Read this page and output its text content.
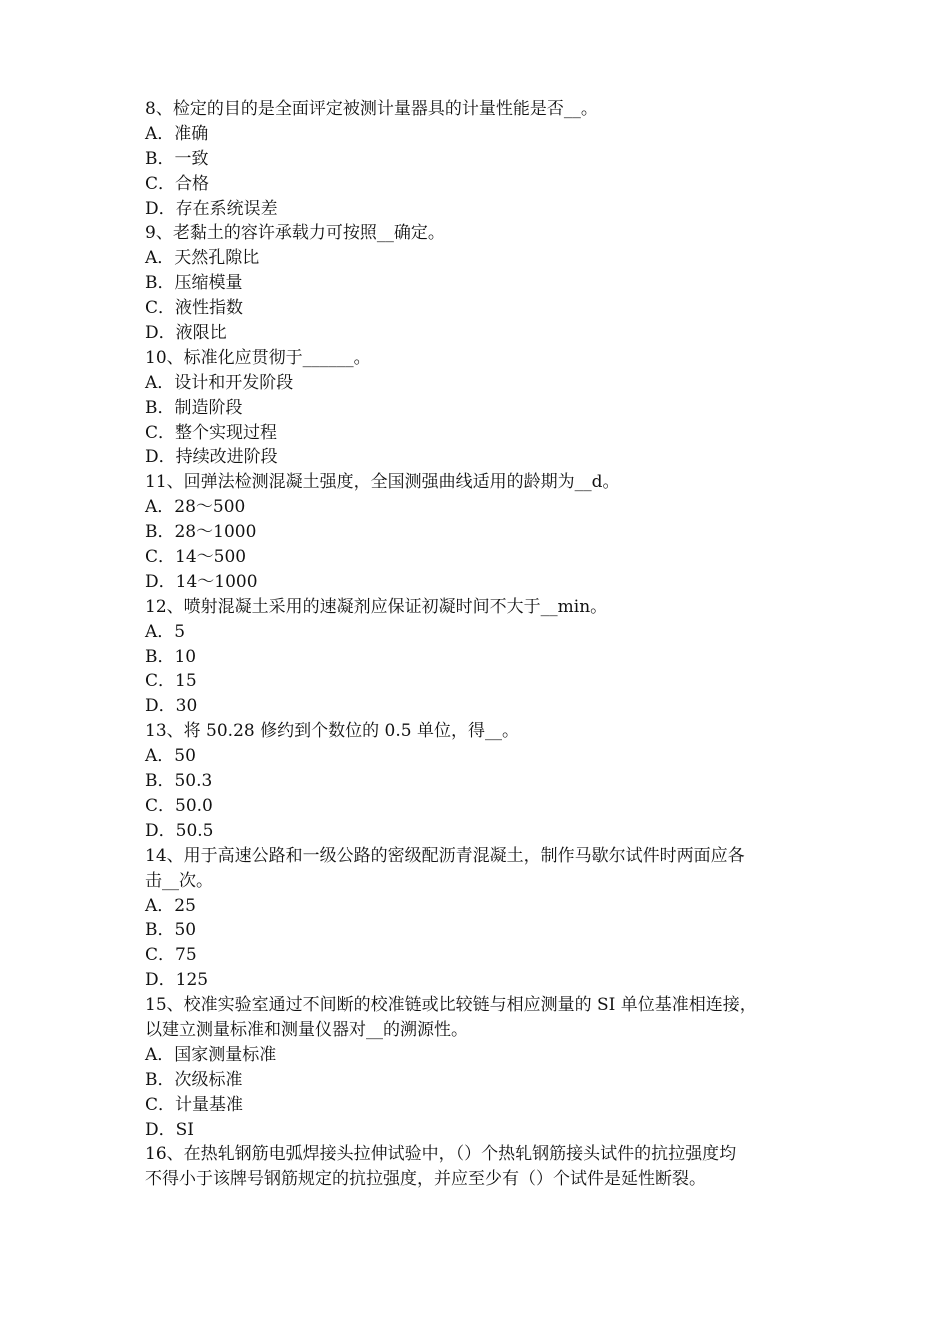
8、检定的目的是全面评定被测计量器具的计量性能是否__。
A．准确
B．一致
C．合格
D．存在系统误差
9、老黏土的容许承载力可按照__确定。
A．天然孔隙比
B．压缩模量
C．液性指数
D．液限比
10、标准化应贯彻于______。
A．设计和开发阶段
B．制造阶段
C．整个实现过程
D．持续改进阶段
11、回弹法检测混凝土强度，全国测强曲线适用的龄期为__d。
A．28～500
B．28～1000
C．14～500
D．14～1000
12、喷射混凝土采用的速凝剂应保证初凝时间不大于__min。
A．5
B．10
C．15
D．30
13、将 50.28 修约到个数位的 0.5 单位，得__。
A．50
B．50.3
C．50.0
D．50.5
14、用于高速公路和一级公路的密级配沥青混凝土，制作马歇尔试件时两面应各
击__次。
A．25
B．50
C．75
D．125
15、校准实验室通过不间断的校准链或比较链与相应测量的 SI 单位基准相连接，
以建立测量标准和测量仪器对__的溯源性。
A．国家测量标准
B．次级标准
C．计量基准
D．SI
16、在热轧钢筋电弧焊接头拉伸试验中，（）个热轧钢筋接头试件的抗拉强度均
不得小于该牌号钢筋规定的抗拉强度，并应至少有（）个试件是延性断裂。
